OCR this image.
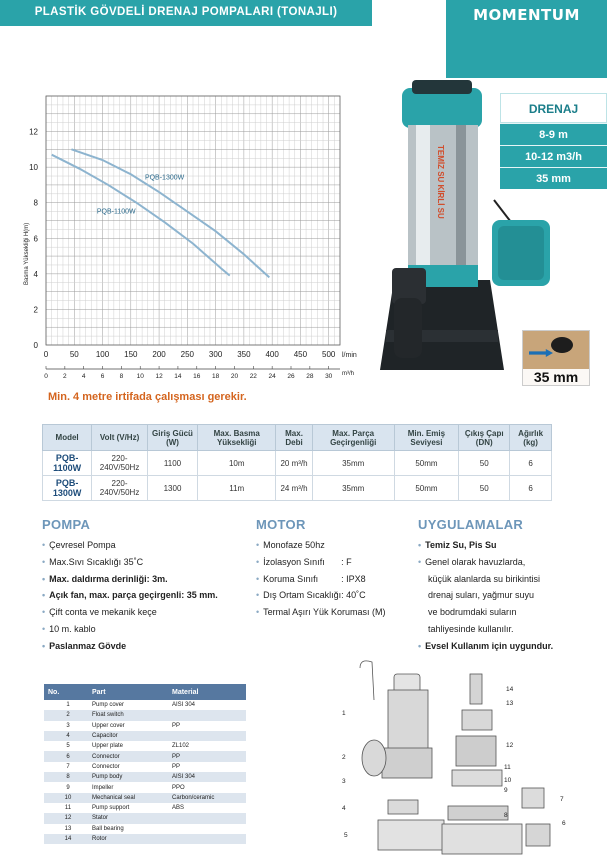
PLASTİK GÖVDELİ DRENAJ POMPALARI (TONAJLI)	MOMENTUM
0
2
4
6
8
10
12
Basma Yüksekliği H(m)
0	50 100 150 200 250 300 350 400 450 500 l/min
0 2 4 6 8 10 12 14 16 18 20 22 24 26 28 30 m³/h
PQB-1300W
PQB-1100W
Min. 4 metre irtifada çalışması gerekir.
TEMİZ SU KİRLİ SU
DRENAJ
8-9 m
10-12 m3/h
35 mm
35 mm
Model	Volt (V/Hz)	Giriş Gücü (W)	Max. Basma Yüksekliği	Max. Debi	Max. Parça Geçirgenliği	Min. Emiş Seviyesi	Çıkış Çapı (DN)	Ağırlık (kg)
PQB-1100W	220-240V/50Hz	1100	10m	20 m³/h	35mm	50mm	50	6
PQB-1300W	220-240V/50Hz	1300	11m	24 m³/h	35mm	50mm	50	6
POMPA
• Çevresel Pompa
• Max.Sıvı Sıcaklığı 35˚C
• Max. daldırma derinliği: 3m.
• Açık fan, max. parça geçirgenli: 35 mm.
• Çift conta ve mekanik keçe
• 10 m. kablo
• Paslanmaz Gövde
MOTOR
• Monofaze 50hz
• İzolasyon Sınıfı : F
• Koruma Sınıfı	: IPX8
• Dış Ortam Sıcaklığı: 40˚C
• Termal Aşırı Yük Koruması (M)
UYGULAMALAR
• Temiz Su, Pis Su
• Genel olarak havuzlarda,
küçük alanlarda su birikintisi
drenaj suları, yağmur suyu
ve bodrumdaki suların
tahliyesinde kullanılır.
• Evsel Kullanım için uygundur.
No.	Part	Material
1	Pump cover	AISI 304
2	Float switch	
3	Upper cover	PP
4	Capacitor	
5	Upper plate	ZL102
6	Connector	PP
7	Connector	PP
8	Pump body	AISI 304
9	Impeller	PPO
10	Mechanical seal	Carbon/ceramic
11	Pump support	ABS
12	Stator	
13	Ball bearing	
14	Rotor	
1
2
3
4
5
14
13
12
11
10
9
8
7
6
